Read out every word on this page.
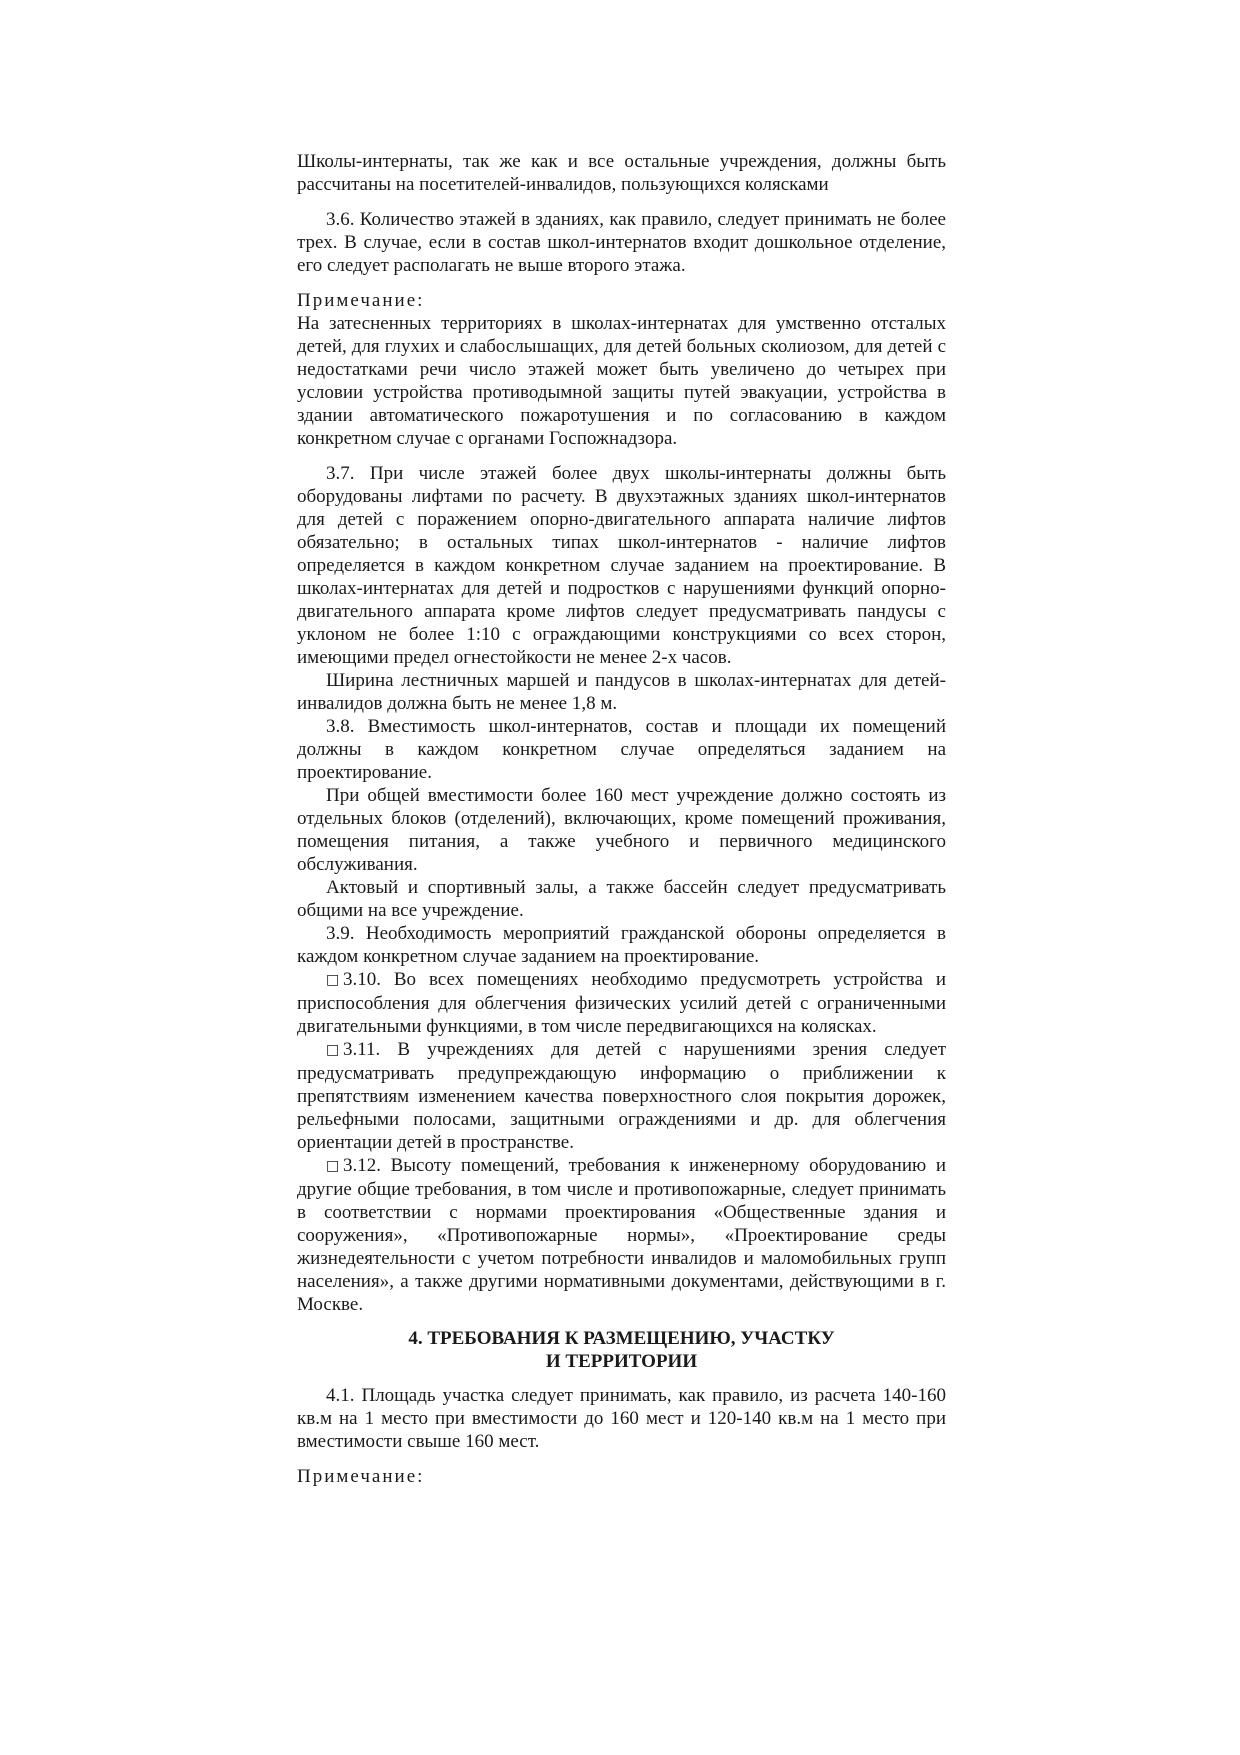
Школы-интернаты, так же как и все остальные учреждения, должны быть рассчитаны на посетителей-инвалидов, пользующихся колясками

3.6. Количество этажей в зданиях, как правило, следует принимать не более трех. В случае, если в состав школ-интернатов входит дошкольное отделение, его следует располагать не выше второго этажа.

Примечание:

На затесненных территориях в школах-интернатах для умственно отсталых детей, для глухих и слабослышащих, для детей больных сколиозом, для детей с недостатками речи число этажей может быть увеличено до четырех при условии устройства противодымной защиты путей эвакуации, устройства в здании автоматического пожаротушения и по согласованию в каждом конкретном случае с органами Госпожнадзора.

3.7. При числе этажей более двух школы-интернаты должны быть оборудованы лифтами по расчету. В двухэтажных зданиях школ-интернатов для детей с поражением опорно-двигательного аппарата наличие лифтов обязательно; в остальных типах школ-интернатов - наличие лифтов определяется в каждом конкретном случае заданием на проектирование. В школах-интернатах для детей и подростков с нарушениями функций опорно-двигательного аппарата кроме лифтов следует предусматривать пандусы с уклоном не более 1:10 с ограждающими конструкциями со всех сторон, имеющими предел огнестойкости не менее 2-х часов.

Ширина лестничных маршей и пандусов в школах-интернатах для детей-инвалидов должна быть не менее 1,8 м.

3.8. Вместимость школ-интернатов, состав и площади их помещений должны в каждом конкретном случае определяться заданием на проектирование.

При общей вместимости более 160 мест учреждение должно состоять из отдельных блоков (отделений), включающих, кроме помещений проживания, помещения питания, а также учебного и первичного медицинского обслуживания.

Актовый и спортивный залы, а также бассейн следует предусматривать общими на все учреждение.

3.9. Необходимость мероприятий гражданской обороны определяется в каждом конкретном случае заданием на проектирование.

□ 3.10. Во всех помещениях необходимо предусмотреть устройства и приспособления для облегчения физических усилий детей с ограниченными двигательными функциями, в том числе передвигающихся на колясках.

□ 3.11. В учреждениях для детей с нарушениями зрения следует предусматривать предупреждающую информацию о приближении к препятствиям изменением качества поверхностного слоя покрытия дорожек, рельефными полосами, защитными ограждениями и др. для облегчения ориентации детей в пространстве.

□ 3.12. Высоту помещений, требования к инженерному оборудованию и другие общие требования, в том числе и противопожарные, следует принимать в соответствии с нормами проектирования «Общественные здания и сооружения», «Противопожарные нормы», «Проектирование среды жизнедеятельности с учетом потребности инвалидов и маломобильных групп населения», а также другими нормативными документами, действующими в г. Москве.

4. ТРЕБОВАНИЯ К РАЗМЕЩЕНИЮ, УЧАСТКУ
И ТЕРРИТОРИИ

4.1. Площадь участка следует принимать, как правило, из расчета 140-160 кв.м на 1 место при вместимости до 160 мест и 120-140 кв.м на 1 место при вместимости свыше 160 мест.

Примечание:
